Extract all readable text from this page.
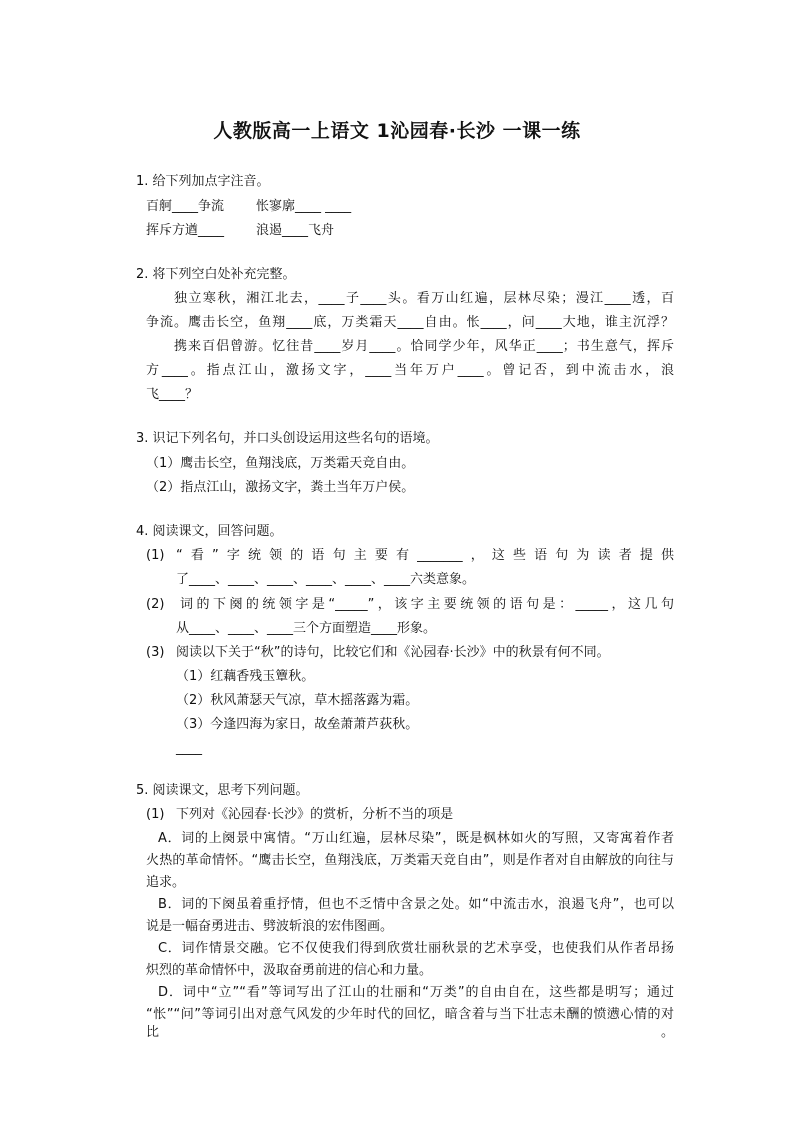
人教版高一上语文 1沁园春·长沙 一课一练
1. 给下列加点字注音。
百舸____争流 怅寥廓____ ____
挥斥方遒____ 浪遏____飞舟
2. 将下列空白处补充完整。
独立寒秋，湘江北去，____子____头。看万山红遍，层林尽染；漫江____透，百
争流。鹰击长空，鱼翔____底，万类霜天____自由。怅____，问____大地，谁主沉浮？
携来百侣曾游。忆往昔____岁月____。恰同学少年，风华正____；书生意气，挥斥
方____。指点江山，激扬文字，____当年万户____。曾记否，到中流击水，浪
飞____？
3. 识记下列名句，并口头创设运用这些名句的语境。
（1）鹰击长空，鱼翔浅底，万类霜天竞自由。
（2）指点江山，激扬文字，粪土当年万户侯。
4. 阅读课文，回答问题。
(1) “看”字统领的语句主要有_______，这些语句为读者提供
了____、____、____、____、____、____六类意象。
(2) 词的下阕的统领字是“_____”，该字主要统领的语句是：_____，这几句
从____、____、____三个方面塑造____形象。
(3) 阅读以下关于“秋”的诗句，比较它们和《沁园春·长沙》中的秋景有何不同。
（1）红藕香残玉簟秋。
（2）秋风萧瑟天气凉，草木摇落露为霜。
（3）今逢四海为家日，故垒萧萧芦荻秋。
____
5. 阅读课文，思考下列问题。
(1) 下列对《沁园春·长沙》的赏析，分析不当的项是
A．词的上阕景中寓情。“万山红遍，层林尽染”，既是枫林如火的写照，又寄寓着作者
火热的革命情怀。“鹰击长空，鱼翔浅底，万类霜天竞自由”，则是作者对自由解放的向往与
追求。
B．词的下阕虽着重抒情，但也不乏情中含景之处。如“中流击水，浪遏飞舟”，也可以
说是一幅奋勇进击、劈波斩浪的宏伟图画。
C．词作情景交融。它不仅使我们得到欣赏壮丽秋景的艺术享受，也使我们从作者昂扬
炽烈的革命情怀中，汲取奋勇前进的信心和力量。
D．词中“立”“看”等词写出了江山的壮丽和“万类”的自由自在，这些都是明写；通过
“怅”“问”等词引出对意气风发的少年时代的回忆，暗含着与当下壮志未酬的愤懑心情的对比。
